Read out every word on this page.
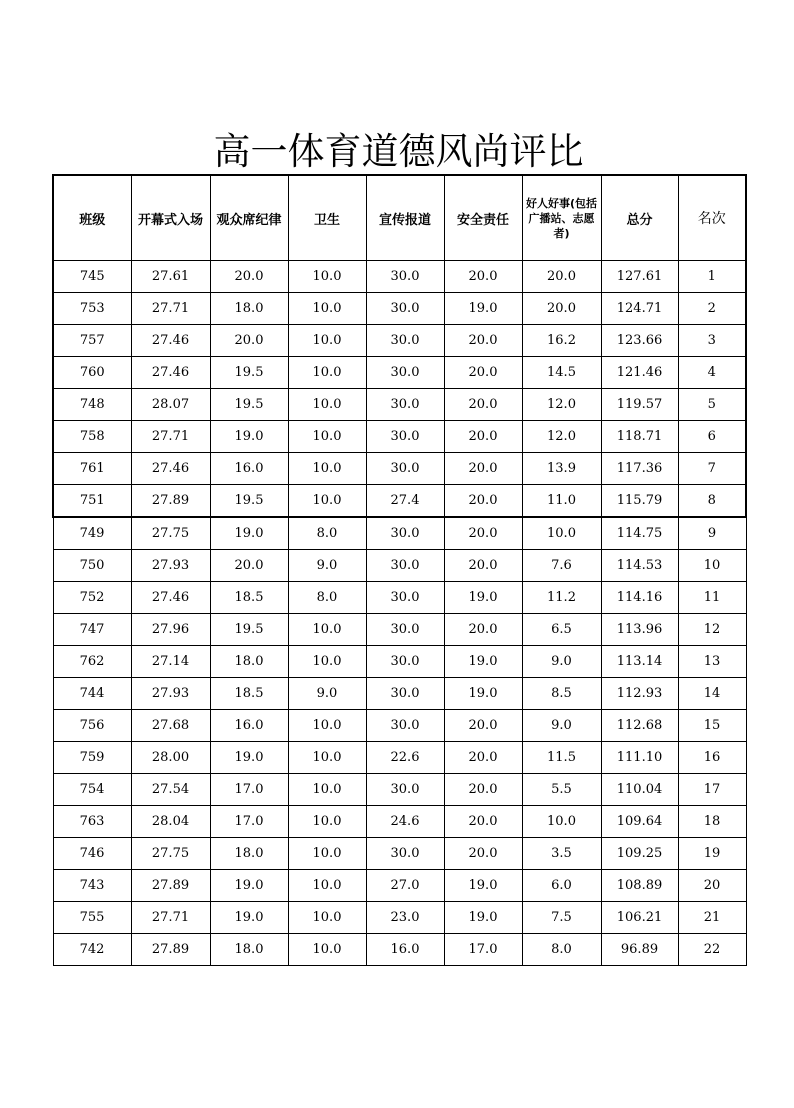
高一体育道德风尚评比
班级	开幕式入场	观众席纪律	卫生	宣传报道	安全责任	好人好事(包括广播站、志愿者)	总分	名次
745	27.61	20.0	10.0	30.0	20.0	20.0	127.61	1
753	27.71	18.0	10.0	30.0	19.0	20.0	124.71	2
757	27.46	20.0	10.0	30.0	20.0	16.2	123.66	3
760	27.46	19.5	10.0	30.0	20.0	14.5	121.46	4
748	28.07	19.5	10.0	30.0	20.0	12.0	119.57	5
758	27.71	19.0	10.0	30.0	20.0	12.0	118.71	6
761	27.46	16.0	10.0	30.0	20.0	13.9	117.36	7
751	27.89	19.5	10.0	27.4	20.0	11.0	115.79	8
749	27.75	19.0	8.0	30.0	20.0	10.0	114.75	9
750	27.93	20.0	9.0	30.0	20.0	7.6	114.53	10
752	27.46	18.5	8.0	30.0	19.0	11.2	114.16	11
747	27.96	19.5	10.0	30.0	20.0	6.5	113.96	12
762	27.14	18.0	10.0	30.0	19.0	9.0	113.14	13
744	27.93	18.5	9.0	30.0	19.0	8.5	112.93	14
756	27.68	16.0	10.0	30.0	20.0	9.0	112.68	15
759	28.00	19.0	10.0	22.6	20.0	11.5	111.10	16
754	27.54	17.0	10.0	30.0	20.0	5.5	110.04	17
763	28.04	17.0	10.0	24.6	20.0	10.0	109.64	18
746	27.75	18.0	10.0	30.0	20.0	3.5	109.25	19
743	27.89	19.0	10.0	27.0	19.0	6.0	108.89	20
755	27.71	19.0	10.0	23.0	19.0	7.5	106.21	21
742	27.89	18.0	10.0	16.0	17.0	8.0	96.89	22
